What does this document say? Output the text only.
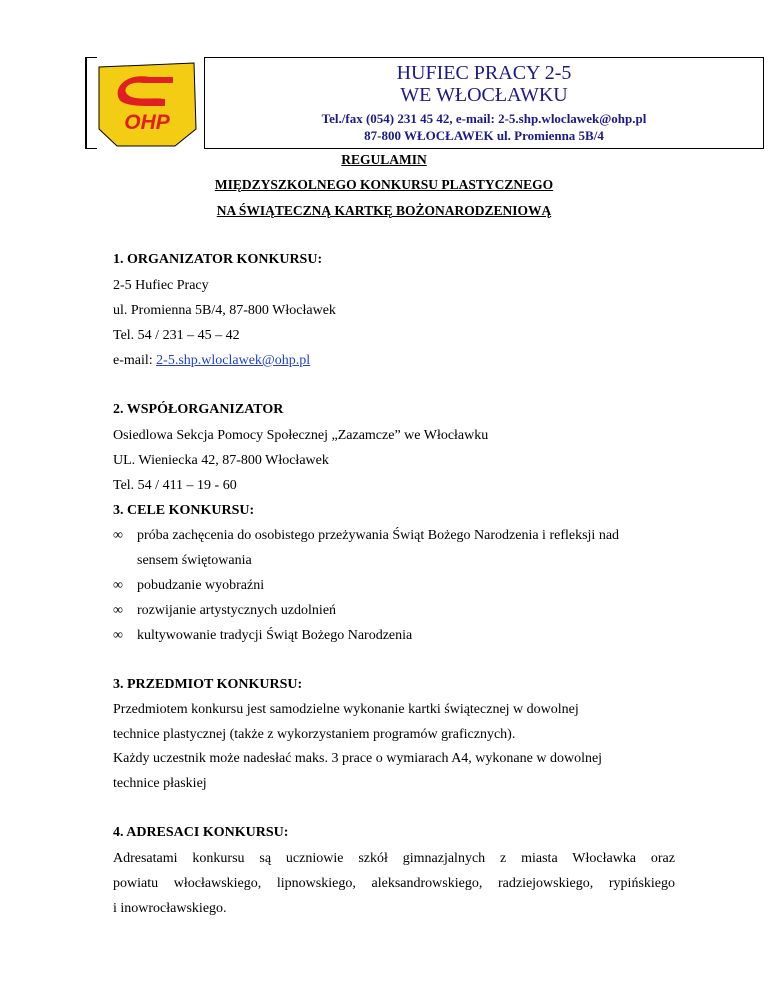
OHP
HUFIEC PRACY 2-5
WE WŁOCŁAWKU
Tel./fax (054) 231 45 42, e-mail: 2-5.shp.wloclawek@ohp.pl
87-800 WŁOCŁAWEK ul. Promienna 5B/4
REGULAMIN
MIĘDZYSZKOLNEGO KONKURSU PLASTYCZNEGO
NA ŚWIĄTECZNĄ KARTKĘ BOŻONARODZENIOWĄ
1. ORGANIZATOR KONKURSU:
2-5 Hufiec Pracy
ul. Promienna 5B/4, 87-800 Włocławek
Tel. 54 / 231 – 45 – 42
e-mail: 2-5.shp.wloclawek@ohp.pl
2. WSPÓŁORGANIZATOR
Osiedlowa Sekcja Pomocy Społecznej „Zazamcze” we Włocławku
UL. Wieniecka 42, 87-800 Włocławek
Tel. 54 / 411 – 19 - 60
3. CELE KONKURSU:
∞ próba zachęcenia do osobistego przeżywania Świąt Bożego Narodzenia i refleksji nad
sensem świętowania
∞ pobudzanie wyobraźni
∞ rozwijanie artystycznych uzdolnień
∞ kultywowanie tradycji Świąt Bożego Narodzenia
3. PRZEDMIOT KONKURSU:
Przedmiotem konkursu jest samodzielne wykonanie kartki świątecznej w dowolnej
technice plastycznej (także z wykorzystaniem programów graficznych).
Każdy uczestnik może nadesłać maks. 3 prace o wymiarach A4, wykonane w dowolnej
technice płaskiej
4. ADRESACI KONKURSU:
Adresatami konkursu są uczniowie szkół gimnazjalnych z miasta Włocławka oraz
powiatu włocławskiego, lipnowskiego, aleksandrowskiego, radziejowskiego, rypińskiego
i inowrocławskiego.
